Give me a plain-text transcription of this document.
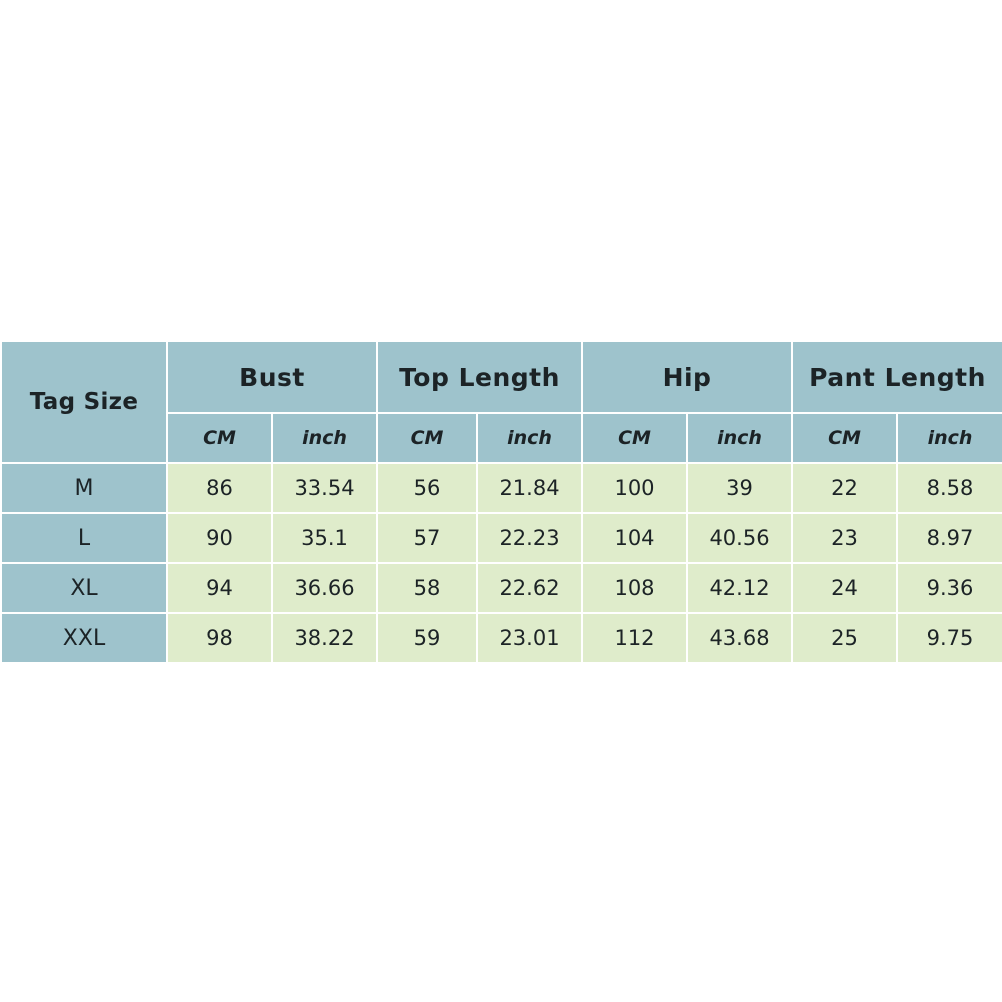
Tag Size	Bust		Top Length		Hip		Pant Length	
	CM	inch	CM	inch	CM	inch	CM	inch
M	86	33.54	56	21.84	100	39	22	8.58
L	90	35.1	57	22.23	104	40.56	23	8.97
XL	94	36.66	58	22.62	108	42.12	24	9.36
XXL	98	38.22	59	23.01	112	43.68	25	9.75
